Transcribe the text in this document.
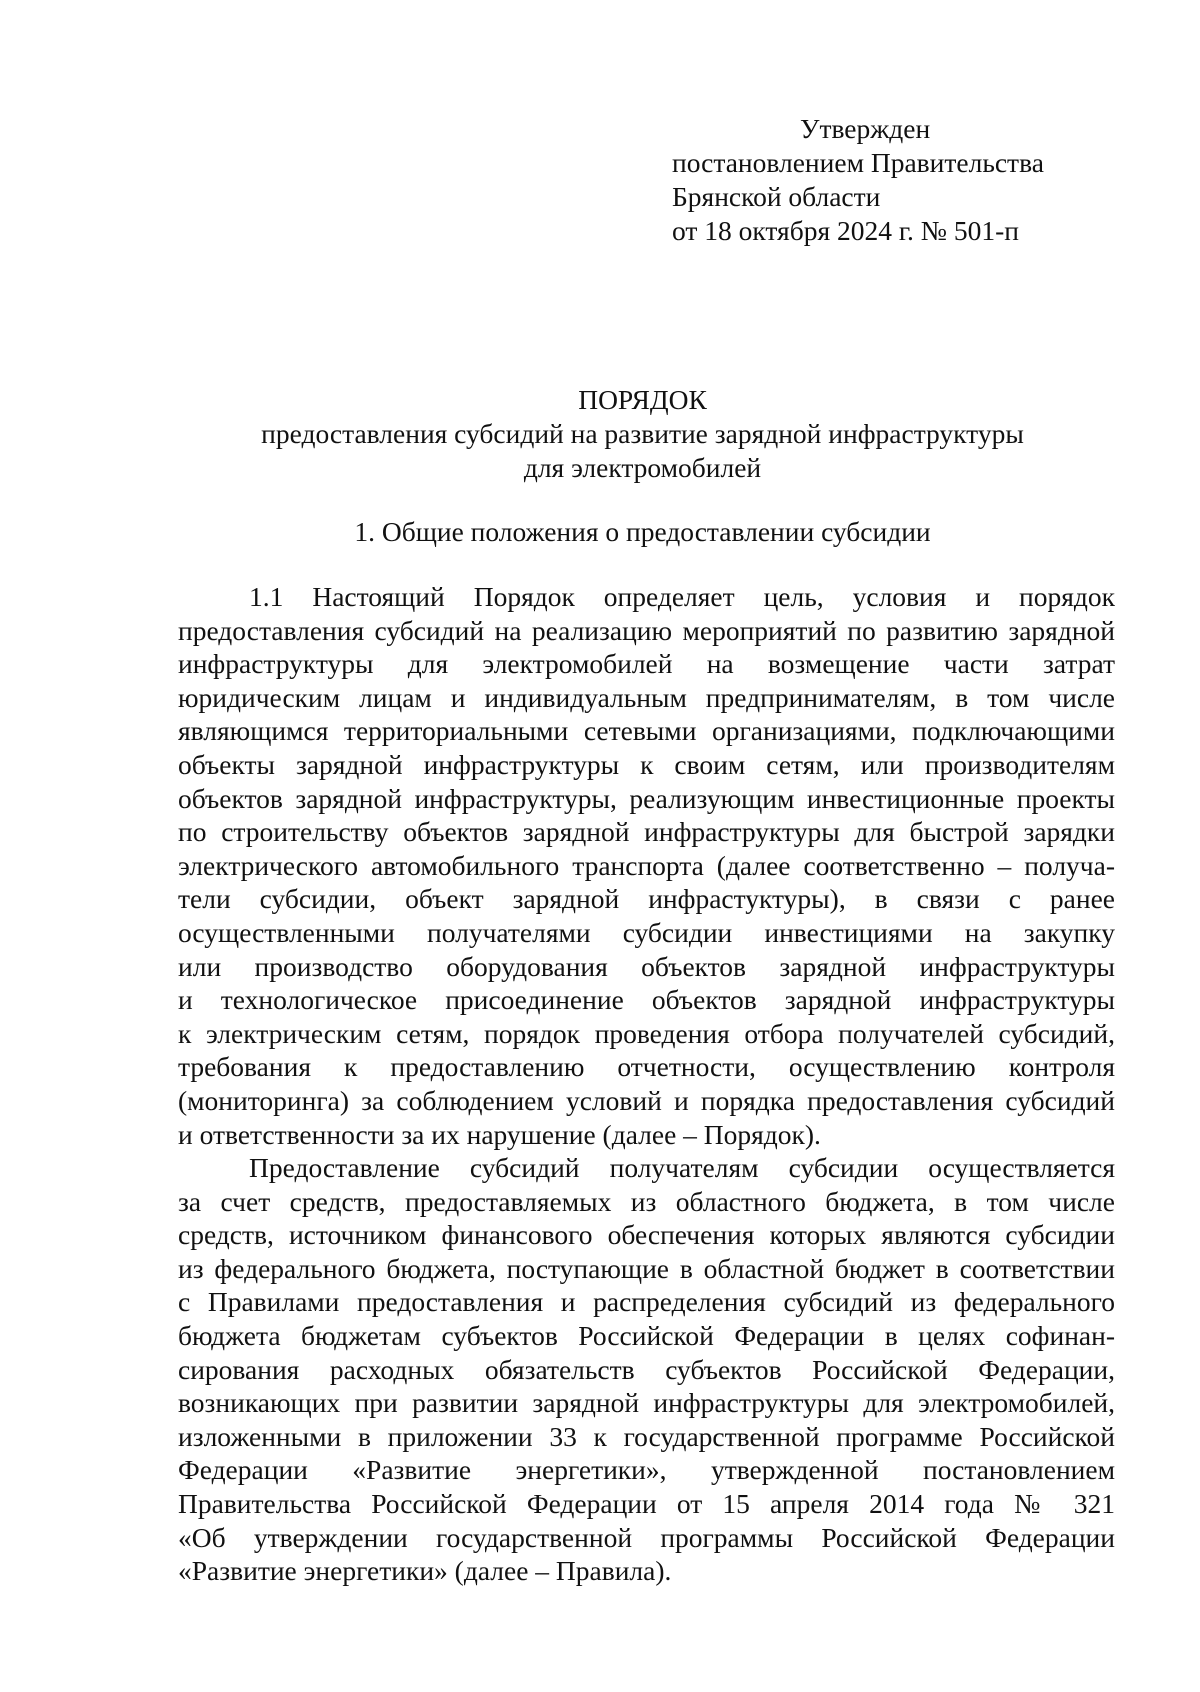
Утвержден
постановлением Правительства
Брянской области
от 18 октября 2024 г. № 501-п
ПОРЯДОК
предоставления субсидий на развитие зарядной инфраструктуры
для электромобилей
1. Общие положения о предоставлении субсидии
1.1 Настоящий Порядок определяет цель, условия и порядок
предоставления субсидий на реализацию мероприятий по развитию зарядной
инфраструктуры для электромобилей на возмещение части затрат
юридическим лицам и индивидуальным предпринимателям, в том числе
являющимся территориальными сетевыми организациями, подключающими
объекты зарядной инфраструктуры к своим сетям, или производителям
объектов зарядной инфраструктуры, реализующим инвестиционные проекты
по строительству объектов зарядной инфраструктуры для быстрой зарядки
электрического автомобильного транспорта (далее соответственно – получа-
тели субсидии, объект зарядной инфрастуктуры), в связи с ранее
осуществленными получателями субсидии инвестициями на закупку
или производство оборудования объектов зарядной инфраструктуры
и технологическое присоединение объектов зарядной инфраструктуры
к электрическим сетям, порядок проведения отбора получателей субсидий,
требования к предоставлению отчетности, осуществлению контроля
(мониторинга) за соблюдением условий и порядка предоставления субсидий
и ответственности за их нарушение (далее – Порядок).
Предоставление субсидий получателям субсидии осуществляется
за счет средств, предоставляемых из областного бюджета, в том числе
средств, источником финансового обеспечения которых являются субсидии
из федерального бюджета, поступающие в областной бюджет в соответствии
с Правилами предоставления и распределения субсидий из федерального
бюджета бюджетам субъектов Российской Федерации в целях софинан-
сирования расходных обязательств субъектов Российской Федерации,
возникающих при развитии зарядной инфраструктуры для электромобилей,
изложенными в приложении 33 к государственной программе Российской
Федерации «Развитие энергетики», утвержденной постановлением
Правительства Российской Федерации от 15 апреля 2014 года № 321
«Об утверждении государственной программы Российской Федерации
«Развитие энергетики» (далее – Правила).
